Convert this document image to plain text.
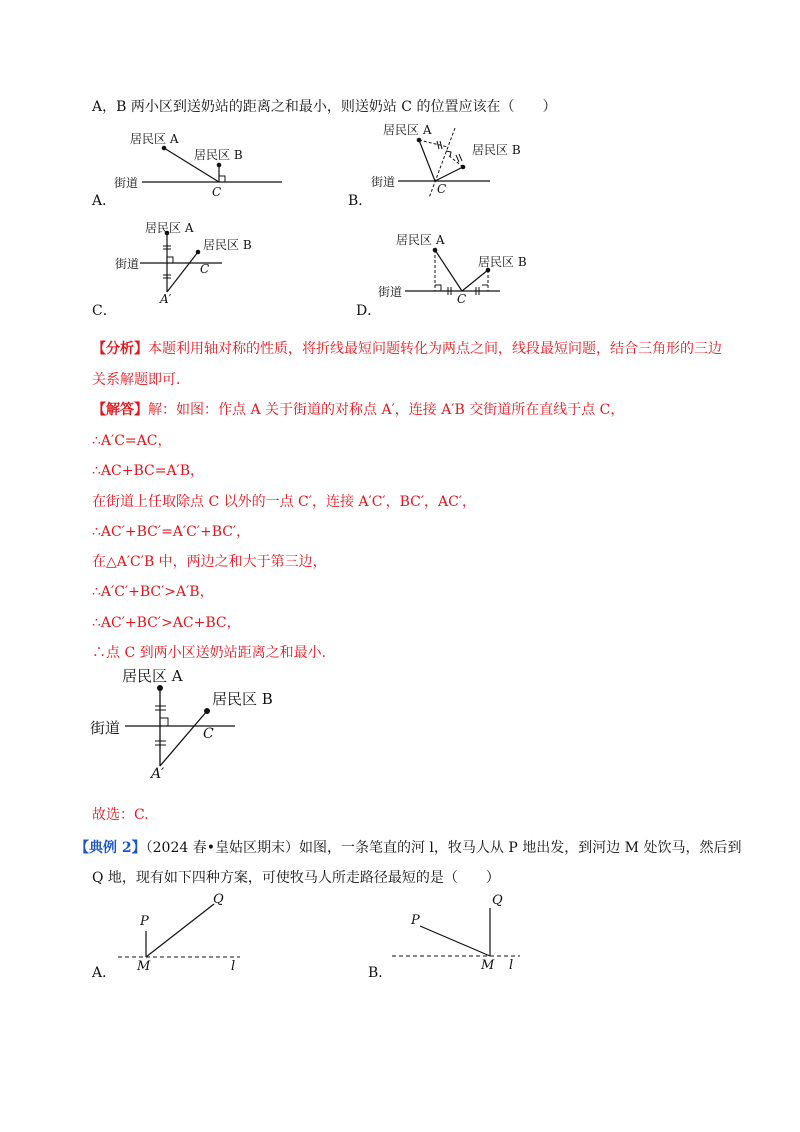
A，B 两小区到送奶站的距离之和最小，则送奶站 C 的位置应该在（　　）
A．
居民区 A
居民区 B
街道
C
B．
居民区 A
居民区 B
街道	C
C．
居民区 A
居民区 B
街道	C
A′
D．
居民区 A
居民区 B
街道	C
【分析】本题利用轴对称的性质，将折线最短问题转化为两点之间，线段最短问题，结合三角形的三边
关系解题即可.
【解答】解：如图：作点 A 关于街道的对称点 A′，连接 A′B 交街道所在直线于点 C，
∴A′C=AC，
∴AC+BC=A′B，
在街道上任取除点 C 以外的一点 C′，连接 A′C′，BC′，AC′，
∴AC′+BC′=A′C′+BC′，
在△A′C′B 中，两边之和大于第三边，
∴A′C′+BC′>A′B，
∴AC′+BC′>AC+BC，
∴点 C 到两小区送奶站距离之和最小.
居民区 A
居民区 B
街道	C
A′
故选：C.
【典例 2】（2024 春•皇姑区期末）如图，一条笔直的河 l，牧马人从 P 地出发，到河边 M 处饮马，然后到
Q 地，现有如下四种方案，可使牧马人所走路径最短的是（　　）
A．
P
Q
M	l	B．
P
Q
M l
